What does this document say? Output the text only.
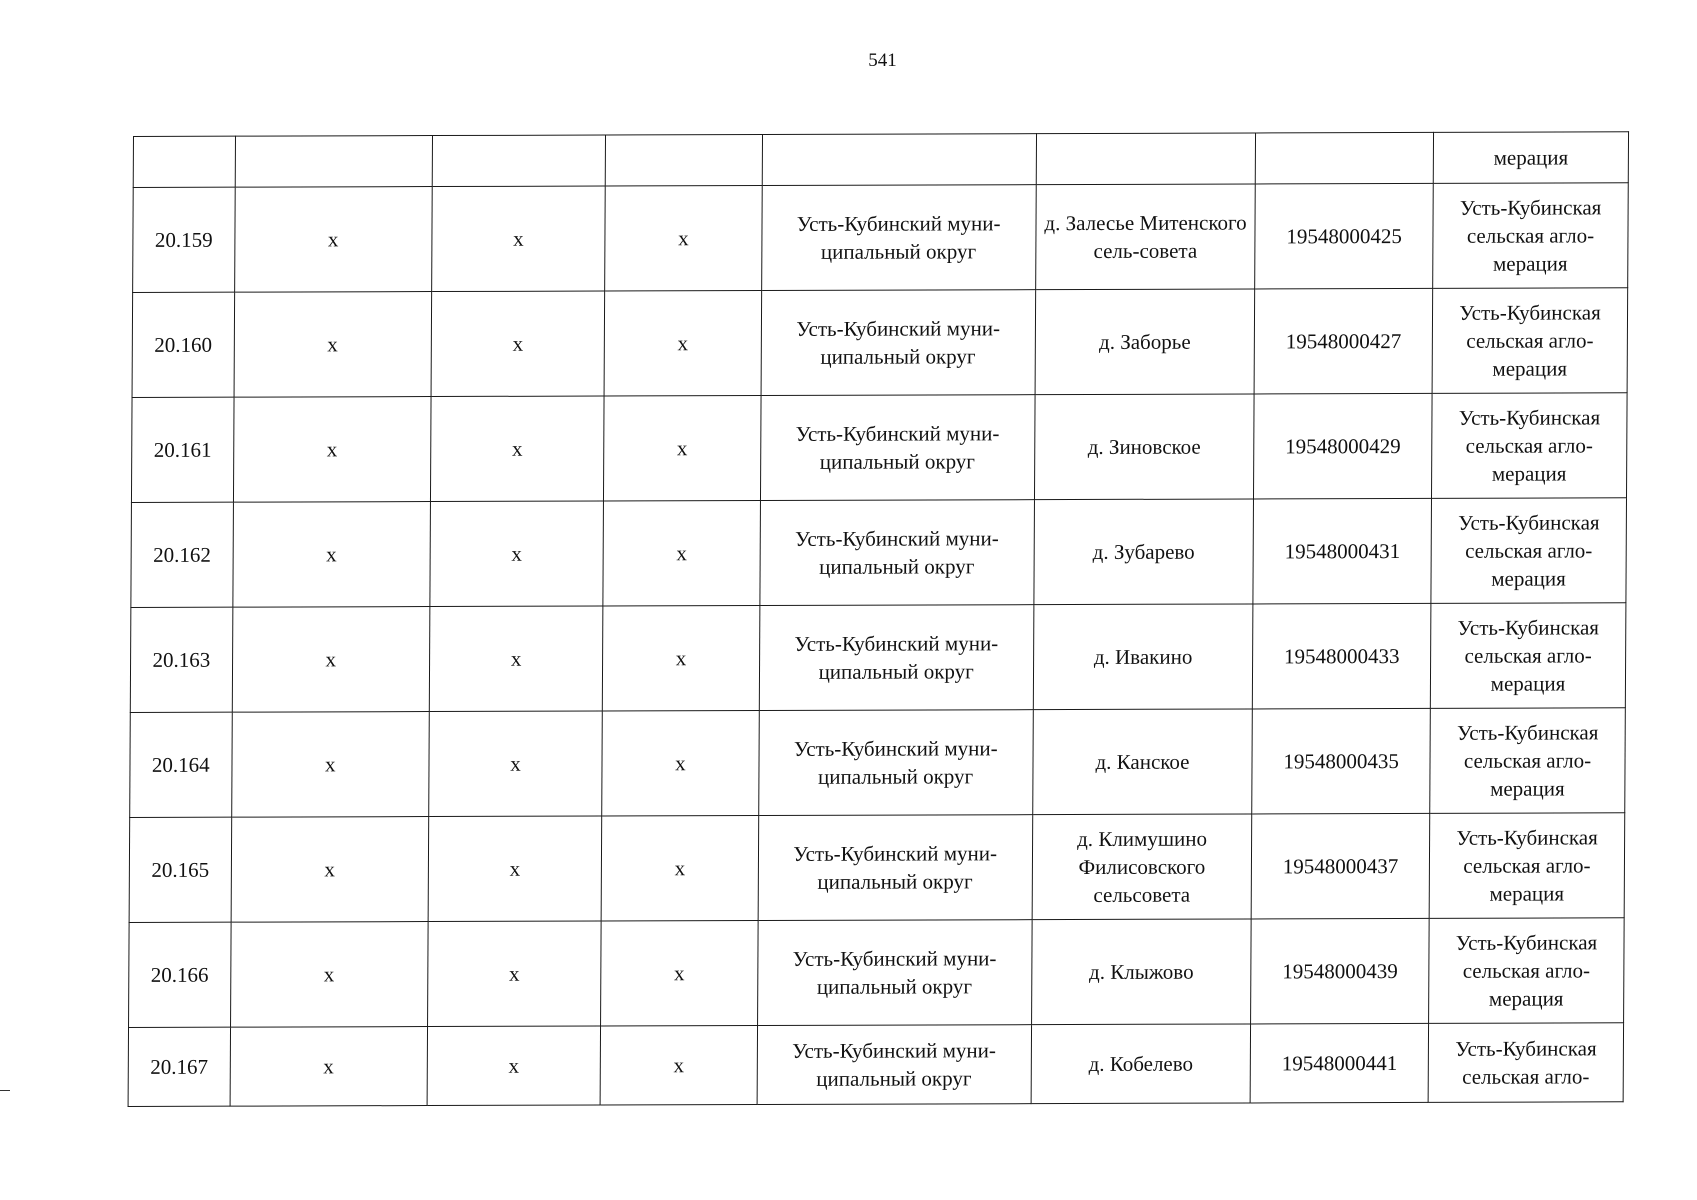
541
							мерация
20.159	x	x	x	Усть-Кубинский муни-ципальный округ	д. Залесье Митенского сель-совета	19548000425	Усть-Кубинская сельская агло-мерация
20.160	x	x	x	Усть-Кубинский муни-ципальный округ	д. Заборье	19548000427	Усть-Кубинская сельская агло-мерация
20.161	x	x	x	Усть-Кубинский муни-ципальный округ	д. Зиновское	19548000429	Усть-Кубинская сельская агло-мерация
20.162	x	x	x	Усть-Кубинский муни-ципальный округ	д. Зубарево	19548000431	Усть-Кубинская сельская агло-мерация
20.163	x	x	x	Усть-Кубинский муни-ципальный округ	д. Ивакино	19548000433	Усть-Кубинская сельская агло-мерация
20.164	x	x	x	Усть-Кубинский муни-ципальный округ	д. Канское	19548000435	Усть-Кубинская сельская агло-мерация
20.165	x	x	x	Усть-Кубинский муни-ципальный округ	д. Климушино Филисовского сельсовета	19548000437	Усть-Кубинская сельская агло-мерация
20.166	x	x	x	Усть-Кубинский муни-ципальный округ	д. Клыжово	19548000439	Усть-Кубинская сельская агло-мерация
20.167	x	x	x	Усть-Кубинский муни-ципальный округ	д. Кобелево	19548000441	Усть-Кубинская сельская агло-
